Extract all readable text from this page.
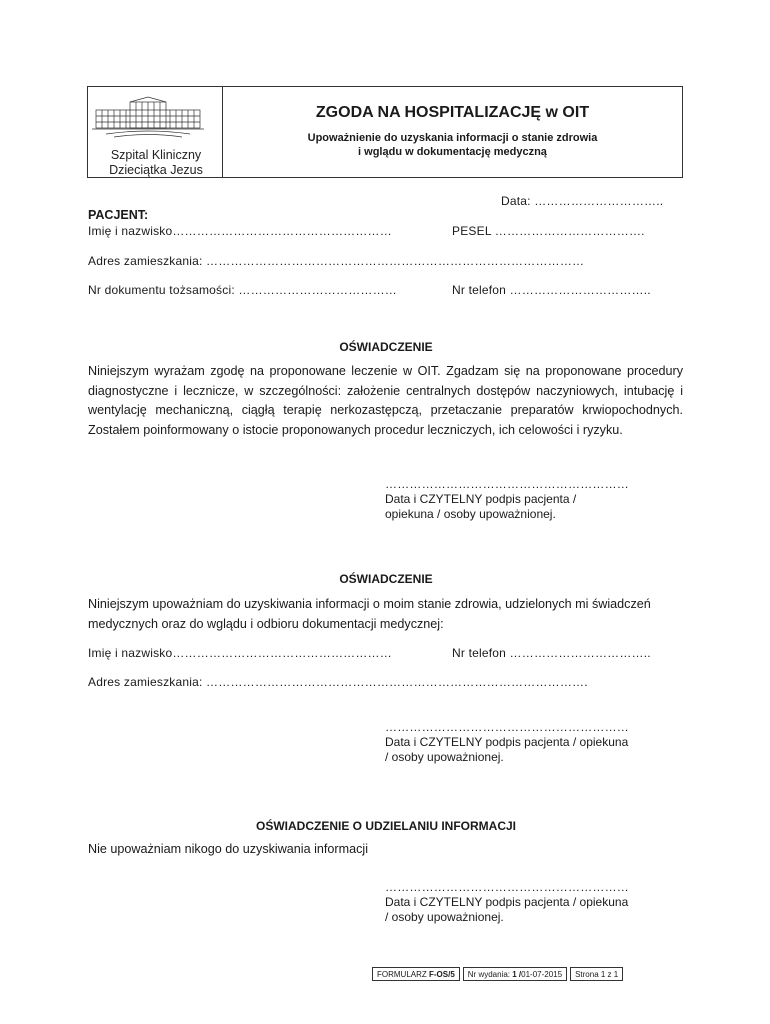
Szpital Kliniczny
Dzieciątka Jezus
ZGODA NA HOSPITALIZACJĘ w OIT
Upoważnienie do uzyskania informacji o stanie zdrowia
i wglądu w dokumentację medyczną
Data: …………………………..
PACJENT:
Imię i nazwisko………………………………………………	PESEL ……………………………….
Adres zamieszkania: …………………………………………………………………………………
Nr dokumentu tożsamości: …………………………………	Nr telefon ……………………………..
OŚWIADCZENIE
Niniejszym wyrażam zgodę na proponowane leczenie w OIT. Zgadzam się na proponowane procedury diagnostyczne i lecznicze, w szczególności: założenie centralnych dostępów naczyniowych, intubację i wentylację mechaniczną, ciągłą terapię nerkozastępczą, przetaczanie preparatów krwiopochodnych. Zostałem poinformowany o istocie proponowanych procedur leczniczych, ich celowości i ryzyku.
……………………………………………………
Data i CZYTELNY podpis pacjenta /
opiekuna / osoby upoważnionej.
OŚWIADCZENIE
Niniejszym upoważniam do uzyskiwania informacji o moim stanie zdrowia, udzielonych mi świadczeń medycznych oraz do wglądu i odbioru dokumentacji medycznej:
Imię i nazwisko………………………………………………	Nr telefon ……………………………..
Adres zamieszkania: ………………………………………………………………………………….
……………………………………………………
Data i CZYTELNY podpis pacjenta / opiekuna
/ osoby upoważnionej.
OŚWIADCZENIE O UDZIELANIU INFORMACJI
Nie upoważniam nikogo do uzyskiwania informacji
……………………………………………………
Data i CZYTELNY podpis pacjenta / opiekuna
/ osoby upoważnionej.
FORMULARZ F-OS/5	Nr wydania: 1 /01-07-2015	Strona 1 z 1
